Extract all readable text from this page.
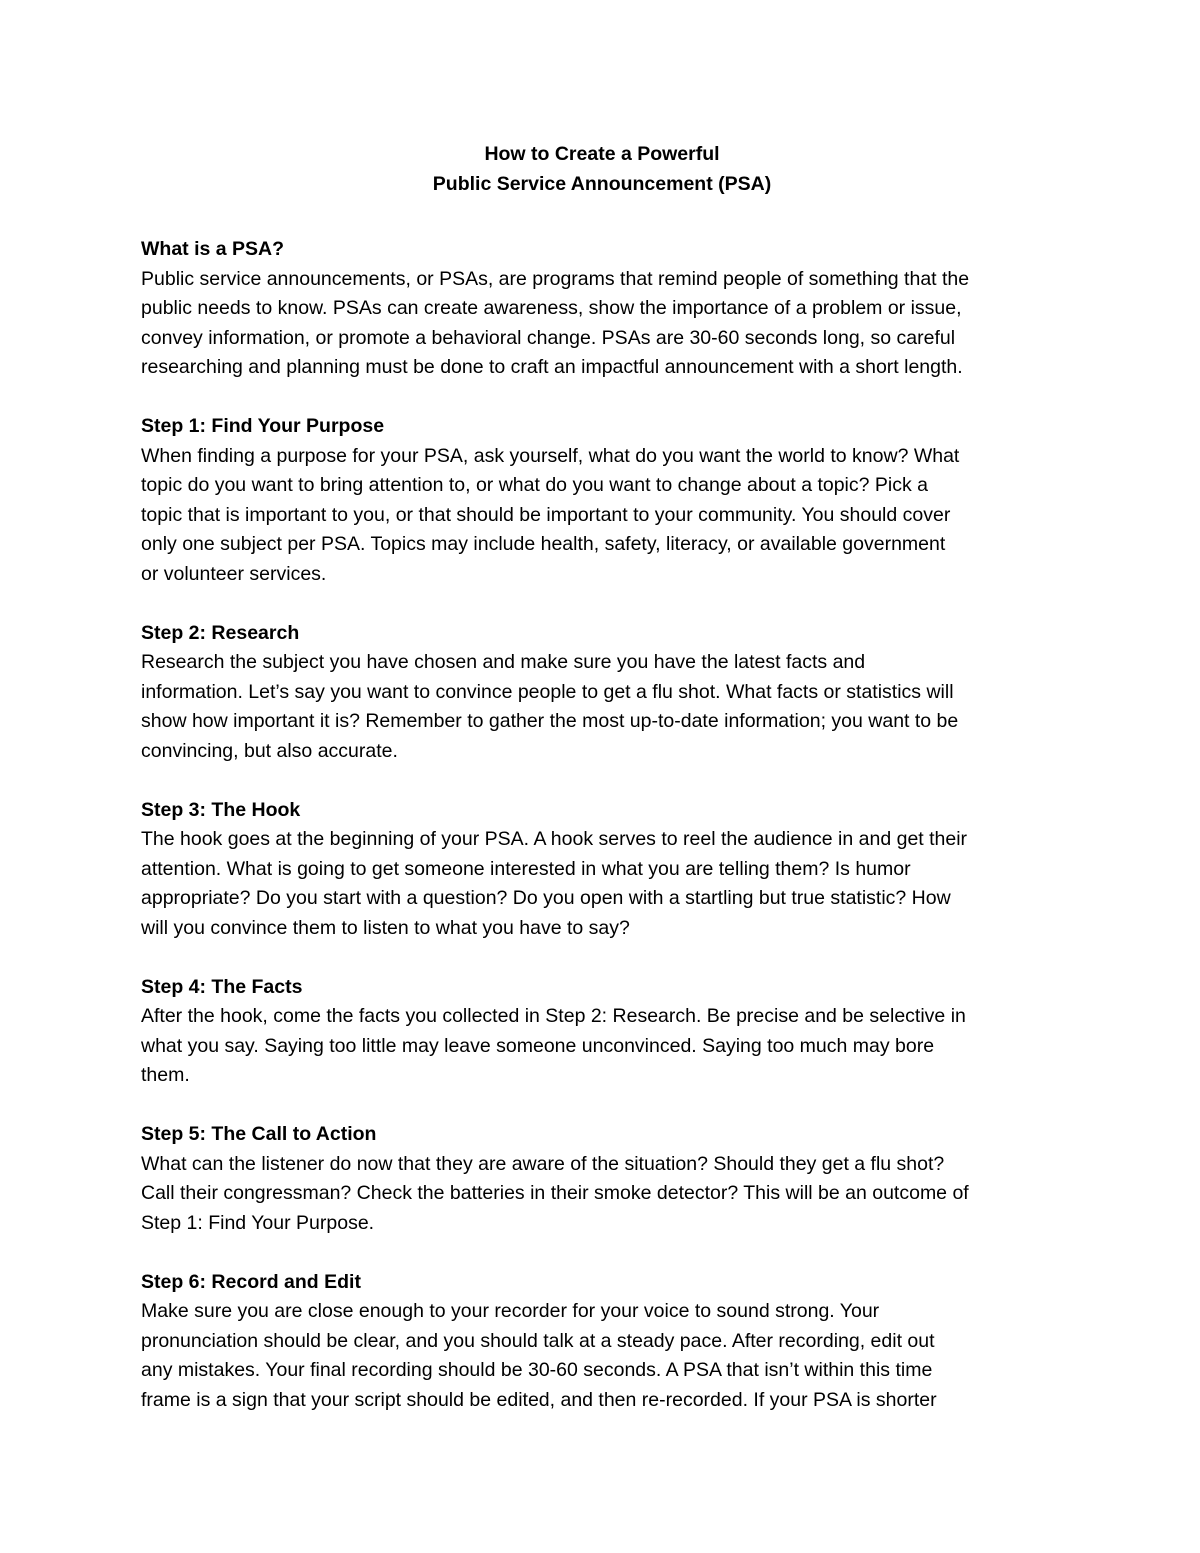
How to Create a Powerful
Public Service Announcement (PSA)
What is a PSA?
Public service announcements, or PSAs, are programs that remind people of something that the
public needs to know. PSAs can create awareness, show the importance of a problem or issue,
convey information, or promote a behavioral change. PSAs are 30-60 seconds long, so careful
researching and planning must be done to craft an impactful announcement with a short length.
Step 1: Find Your Purpose
When finding a purpose for your PSA, ask yourself, what do you want the world to know? What
topic do you want to bring attention to, or what do you want to change about a topic? Pick a
topic that is important to you, or that should be important to your community. You should cover
only one subject per PSA. Topics may include health, safety, literacy, or available government
or volunteer services.
Step 2: Research
Research the subject you have chosen and make sure you have the latest facts and
information. Let’s say you want to convince people to get a flu shot. What facts or statistics will
show how important it is? Remember to gather the most up-to-date information; you want to be
convincing, but also accurate.
Step 3: The Hook
The hook goes at the beginning of your PSA. A hook serves to reel the audience in and get their
attention. What is going to get someone interested in what you are telling them? Is humor
appropriate? Do you start with a question? Do you open with a startling but true statistic? How
will you convince them to listen to what you have to say?
Step 4: The Facts
After the hook, come the facts you collected in Step 2: Research. Be precise and be selective in
what you say. Saying too little may leave someone unconvinced. Saying too much may bore
them.
Step 5: The Call to Action
What can the listener do now that they are aware of the situation? Should they get a flu shot?
Call their congressman? Check the batteries in their smoke detector? This will be an outcome of
Step 1: Find Your Purpose.
Step 6: Record and Edit
Make sure you are close enough to your recorder for your voice to sound strong. Your
pronunciation should be clear, and you should talk at a steady pace. After recording, edit out
any mistakes. Your final recording should be 30-60 seconds. A PSA that isn’t within this time
frame is a sign that your script should be edited, and then re-recorded. If your PSA is shorter
